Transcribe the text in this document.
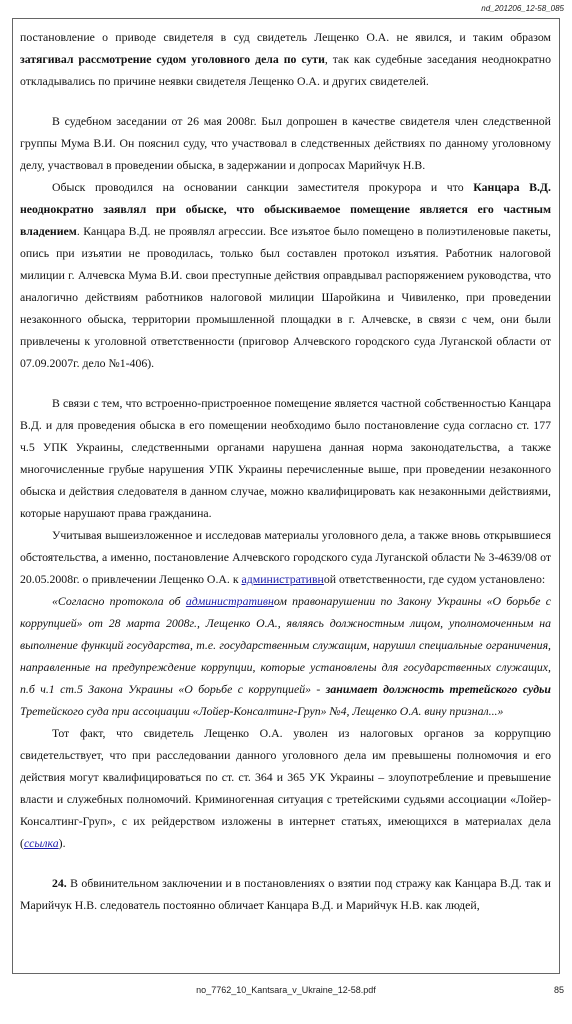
nd_201206_12-58_085

постановление о приводе свидетеля в суд свидетель Лещенко О.А. не явился, и таким образом затягивал рассмотрение судом уголовного дела по сути, так как судебные заседания неоднократно откладывались по причине неявки свидетеля Лещенко О.А. и других свидетелей.

В судебном заседании от 26 мая 2008г. Был допрошен в качестве свидетеля член следственной группы Мума В.И. Он пояснил суду, что участвовал в следственных действиях по данному уголовному делу, участвовал в проведении обыска, в задержании и допросах Марийчук Н.В.

Обыск проводился на основании санкции заместителя прокурора и что Канцара В.Д. неоднократно заявлял при обыске, что обыскиваемое помещение является его частным владением. Канцара В.Д. не проявлял агрессии. Все изъятое было помещено в полиэтиленовые пакеты, опись при изъятии не проводилась, только был составлен протокол изъятия. Работник налоговой милиции г. Алчевска Мума В.И. свои преступные действия оправдывал распоряжением руководства, что аналогично действиям работников налоговой милиции Шаройкина и Чивиленко, при проведении незаконного обыска, территории промышленной площадки в г. Алчевске, в связи с чем, они были привлечены к уголовной ответственности (приговор Алчевского городского суда Луганской области от 07.09.2007г. дело №1-406).

В связи с тем, что встроенно-пристроенное помещение является частной собственностью Канцара В.Д. и для проведения обыска в его помещении необходимо было постановление суда согласно ст. 177 ч.5 УПК Украины, следственными органами нарушена данная норма законодательства, а также многочисленные грубые нарушения УПК Украины перечисленные выше, при проведении незаконного обыска и действия следователя в данном случае, можно квалифицировать как незаконными действиями, которые нарушают права гражданина.

Учитывая вышеизложенное и исследовав материалы уголовного дела, а также вновь открывшиеся обстоятельства, а именно, постановление Алчевского городского суда Луганской области № 3-4639/08 от 20.05.2008г. о привлечении Лещенко О.А. к административной ответственности, где судом установлено:

«Согласно протокола об административном правонарушении по Закону Украины «О борьбе с коррупцией» от 28 марта 2008г., Лещенко О.А., являясь должностным лицом, уполномоченным на выполнение функций государства, т.е. государственным служащим, нарушил специальные ограничения, направленные на предупреждение коррупции, которые установлены для государственных служащих, п.б ч.1 ст.5 Закона Украины «О борьбе с коррупцией» - занимает должность третейского судьи Третейского суда при ассоциации «Лойер-Консалтинг-Груп» №4, Лещенко О.А. вину признал...»

Тот факт, что свидетель Лещенко О.А. уволен из налоговых органов за коррупцию свидетельствует, что при расследовании данного уголовного дела им превышены полномочия и его действия могут квалифицироваться по ст. ст. 364 и 365 УК Украины – злоупотребление и превышение власти и служебных полномочий. Криминогенная ситуация с третейскими судьями ассоциации «Лойер-Консалтинг-Груп», с их рейдерством изложены в интернет статьях, имеющихся в материалах дела (ссылка).

24. В обвинительном заключении и в постановлениях о взятии под стражу как Канцара В.Д. так и Марийчук Н.В. следователь постоянно обличает Канцара В.Д. и Марийчук Н.В. как людей,

no_7762_10_Kantsara_v_Ukraine_12-58.pdf	85
